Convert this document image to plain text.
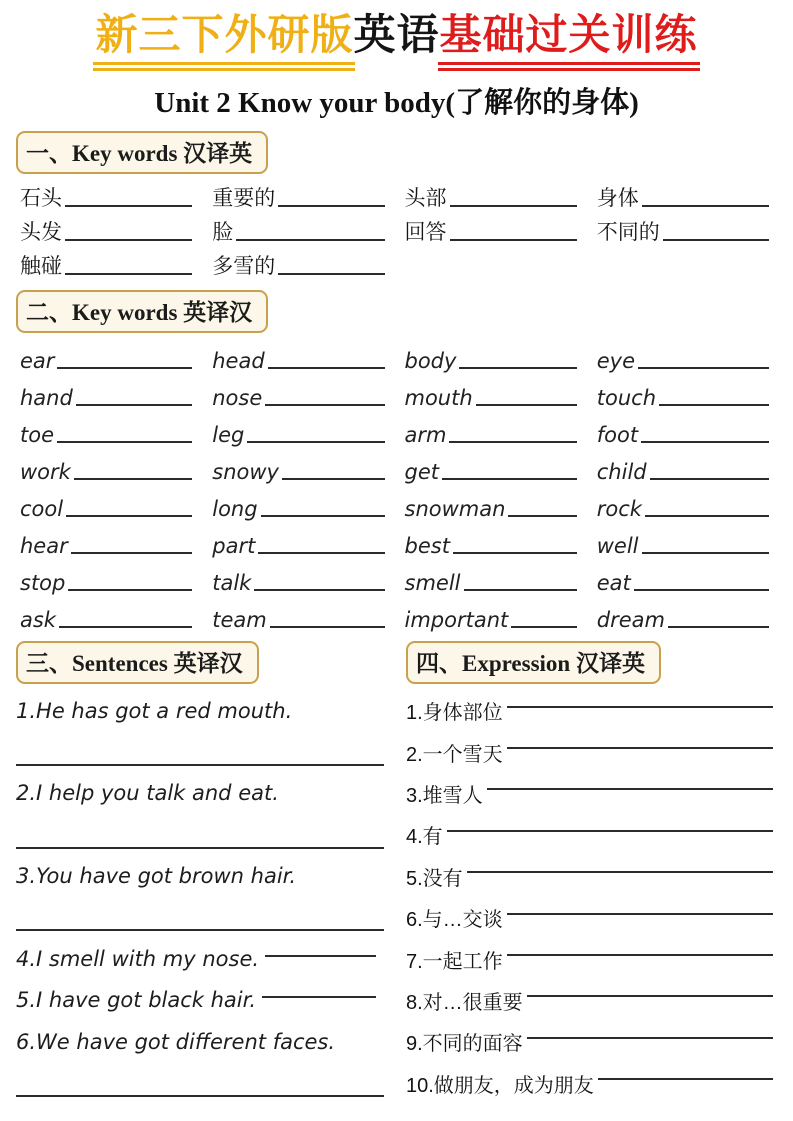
新三下外研版英语基础过关训练
Unit 2 Know your body(了解你的身体)
一、Key words 汉译英
石头	重要的	头部	身体
头发	脸	回答	不同的
触碰	多雪的
二、Key words 英译汉
ear	head	body	eye
hand	nose	mouth	touch
toe	leg	arm	foot
work	snowy	get	child
cool	long	snowman	rock
hear	part	best	well
stop	talk	smell	eat
ask	team	important	dream
三、Sentences 英译汉	四、Expression 汉译英
1.He has got a red mouth.
2.I help you talk and eat.
3.You have got brown hair.
4.I smell with my nose.
5.I have got black hair.
6.We have got different faces.
1.身体部位
2.一个雪天
3.堆雪人
4.有
5.没有
6.与…交谈
7.一起工作
8.对…很重要
9.不同的面容
10.做朋友，成为朋友
